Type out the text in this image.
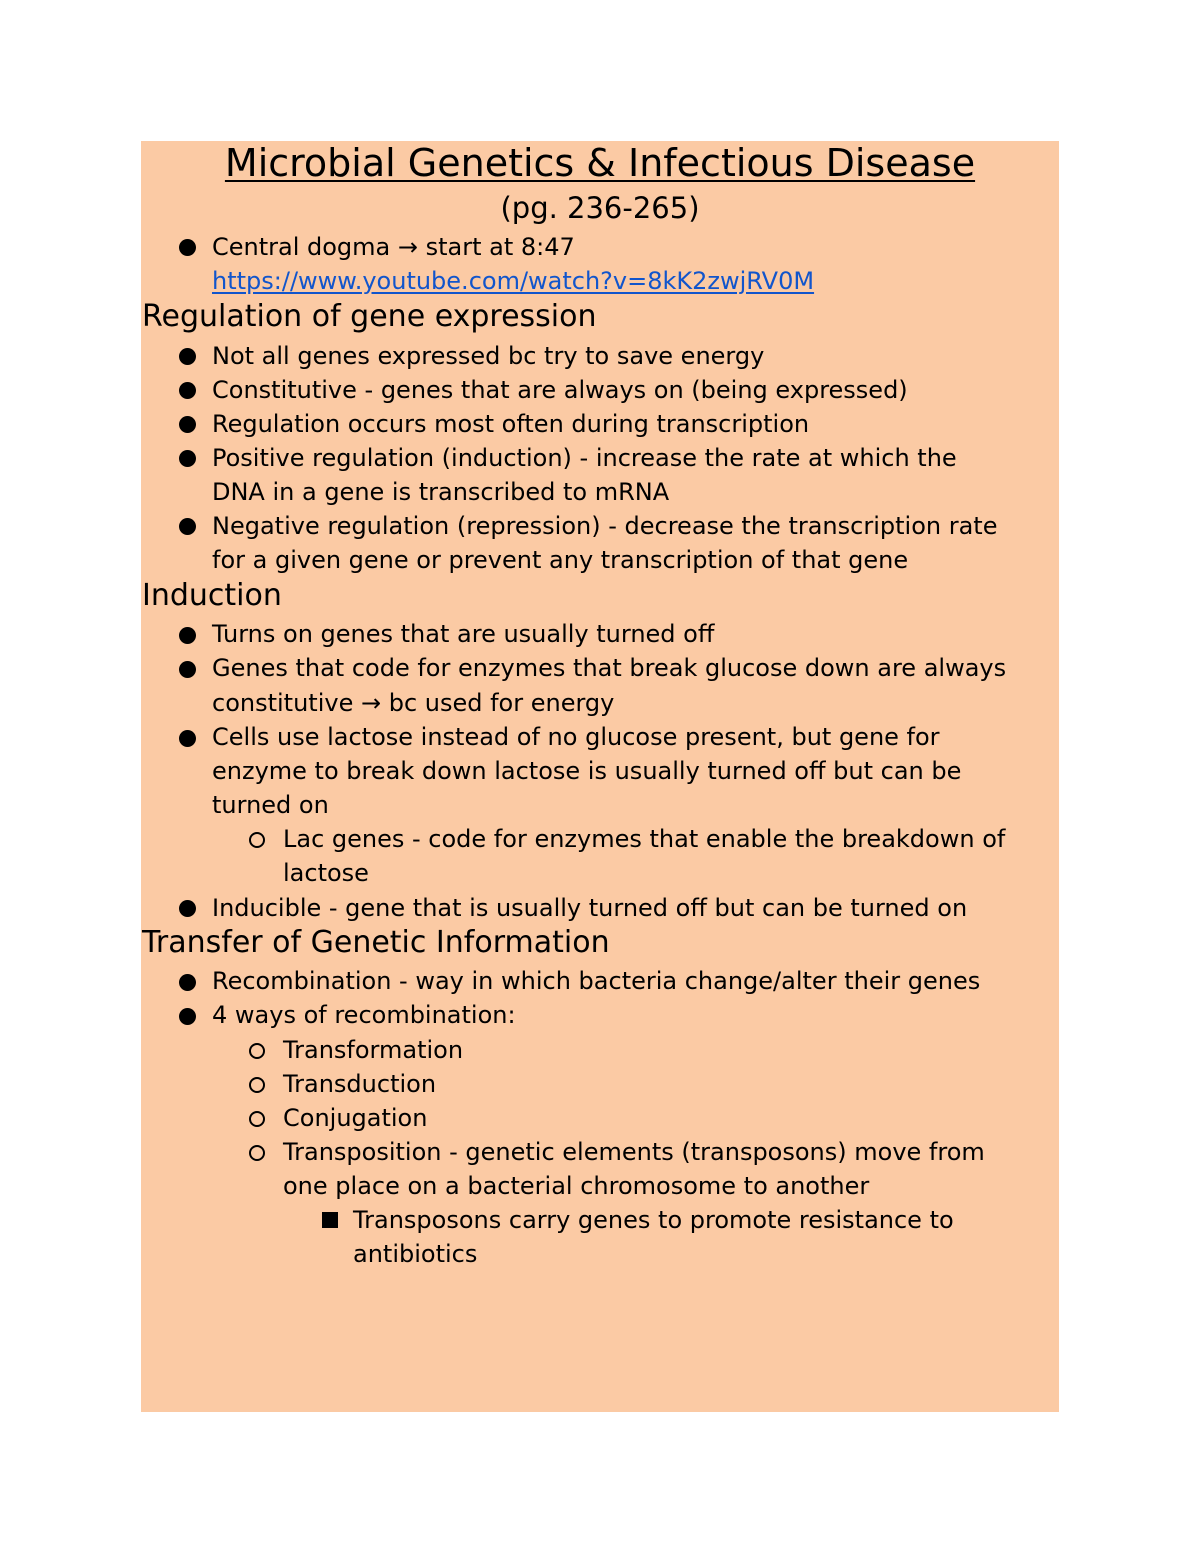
Microbial Genetics & Infectious Disease
(pg. 236-265)
Central dogma → start at 8:47
https://www.youtube.com/watch?v=8kK2zwjRV0M
Regulation of gene expression
Not all genes expressed bc try to save energy
Constitutive - genes that are always on (being expressed)
Regulation occurs most often during transcription
Positive regulation (induction) - increase the rate at which the
DNA in a gene is transcribed to mRNA
Negative regulation (repression) - decrease the transcription rate
for a given gene or prevent any transcription of that gene
Induction
Turns on genes that are usually turned off
Genes that code for enzymes that break glucose down are always
constitutive → bc used for energy
Cells use lactose instead of no glucose present, but gene for
enzyme to break down lactose is usually turned off but can be
turned on
Lac genes - code for enzymes that enable the breakdown of
lactose
Inducible - gene that is usually turned off but can be turned on
Transfer of Genetic Information
Recombination - way in which bacteria change/alter their genes
4 ways of recombination:
Transformation
Transduction
Conjugation
Transposition - genetic elements (transposons) move from
one place on a bacterial chromosome to another
Transposons carry genes to promote resistance to
antibiotics
